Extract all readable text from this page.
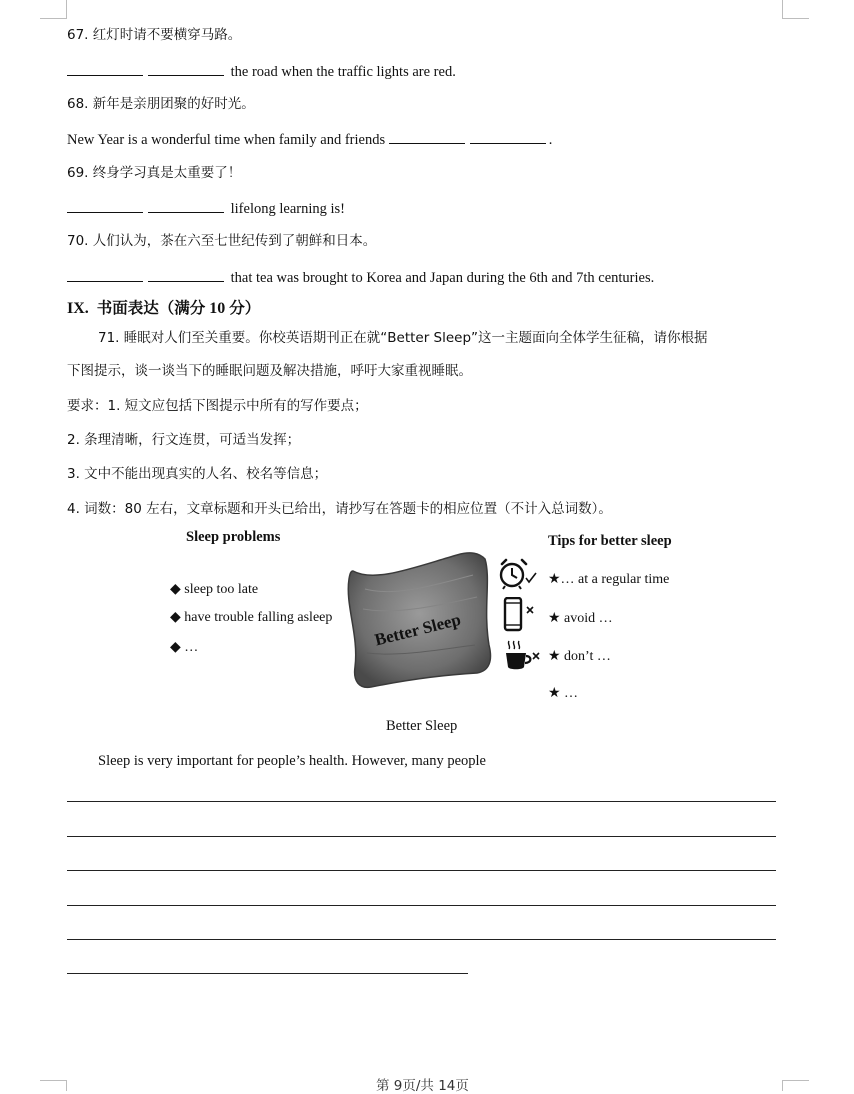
67. 红灯时请不要横穿马路。
the road when the traffic lights are red.
68. 新年是亲朋团聚的好时光。
New Year is a wonderful time when family and friends	.
69. 终身学习真是太重要了！
lifelong learning is!
70. 人们认为，茶在六至七世纪传到了朝鲜和日本。
that tea was brought to Korea and Japan during the 6th and 7th centuries.
IX. 书面表达（满分 10 分）
71. 睡眠对人们至关重要。你校英语期刊正在就“Better Sleep”这一主题面向全体学生征稿，请你根据
下图提示，谈一谈当下的睡眠问题及解决措施，呼吁大家重视睡眠。
要求：1. 短文应包括下图提示中所有的写作要点；
2. 条理清晰，行文连贯，可适当发挥；
3. 文中不能出现真实的人名、校名等信息；
4. 词数：80 左右，文章标题和开头已给出，请抄写在答题卡的相应位置（不计入总词数）。
Sleep problems
◆ sleep too late
◆ have trouble falling asleep
◆ …	Better Sleep
Tips for better sleep
★… at a regular time
★ avoid …
★ don’t …
★ …
Better Sleep
Sleep is very important for people’s health. However, many people
第 9页/共 14页
